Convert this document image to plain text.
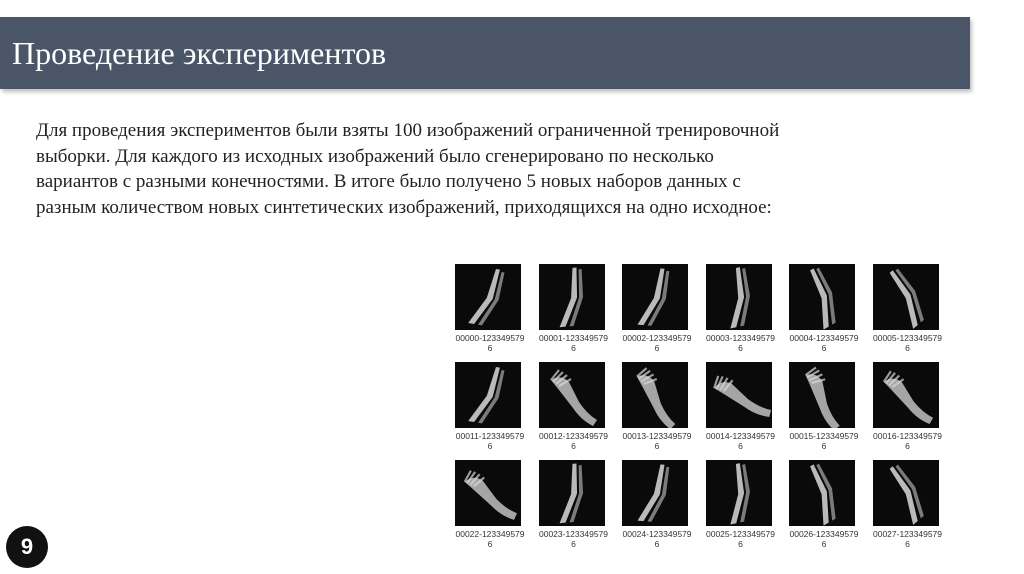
Проведение экспериментов

Для проведения экспериментов были взяты 100 изображений ограниченной тренировочной выборки. Для каждого из исходных изображений было сгенерировано по несколько вариантов с разными конечностями. В итоге было получено 5 новых наборов данных с разным количеством новых синтетических изображений, приходящихся на одно исходное:

00000-123349579
6
00001-123349579
6
00002-123349579
6
00003-123349579
6
00004-123349579
6
00005-123349579
6
00011-123349579
6
00012-123349579
6
00013-123349579
6
00014-123349579
6
00015-123349579
6
00016-123349579
6
00022-123349579
6
00023-123349579
6
00024-123349579
6
00025-123349579
6
00026-123349579
6
00027-123349579
6
9
